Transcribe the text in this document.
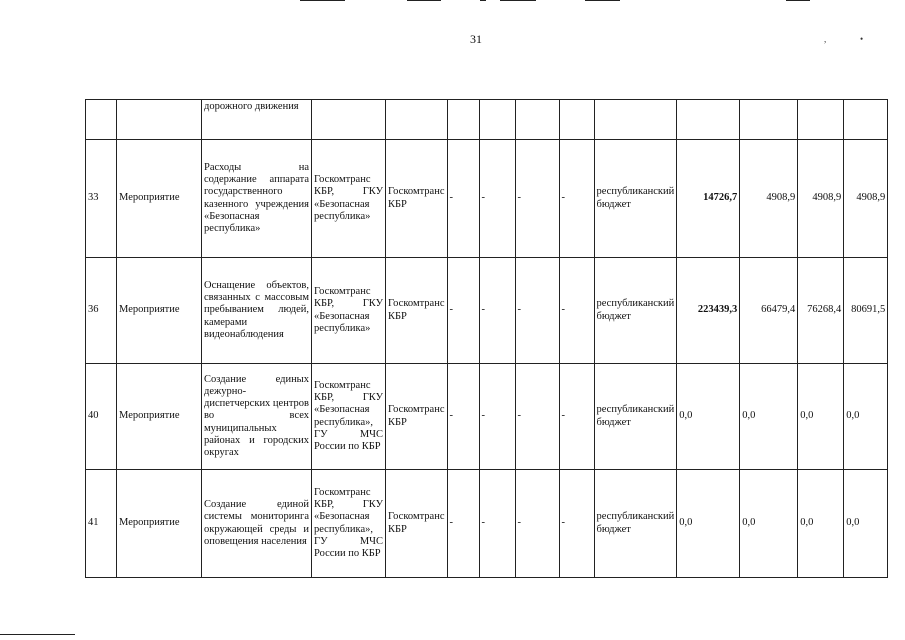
31	,	•
		дорожного движения											
33	Мероприятие	Расходы на содержание аппарата государственного казенного учреждения «Безопасная республика»	Госкомтранс КБР, ГКУ «Безопасная республика»	Госкомтранс КБР	-	-	-	-	республиканский бюджет	14726,7	4908,9	4908,9	4908,9
36	Мероприятие	Оснащение объектов, связанных с массовым пребыванием людей, камерами видеонаблюдения	Госкомтранс КБР, ГКУ «Безопасная республика»	Госкомтранс КБР	-	-	-	-	республиканский бюджет	223439,3	66479,4	76268,4	80691,5
40	Мероприятие	Создание единых дежурно-диспетчерских центров во всех муниципальных районах и городских округах	Госкомтранс КБР, ГКУ «Безопасная республика», ГУ МЧС России по КБР	Госкомтранс КБР	-	-	-	-	республиканский бюджет	0,0	0,0	0,0	0,0
41	Мероприятие	Создание единой системы мониторинга окружающей среды и оповещения населения	Госкомтранс КБР, ГКУ «Безопасная республика», ГУ МЧС России по КБР	Госкомтранс КБР	-	-	-	-	республиканский бюджет	0,0	0,0	0,0	0,0
